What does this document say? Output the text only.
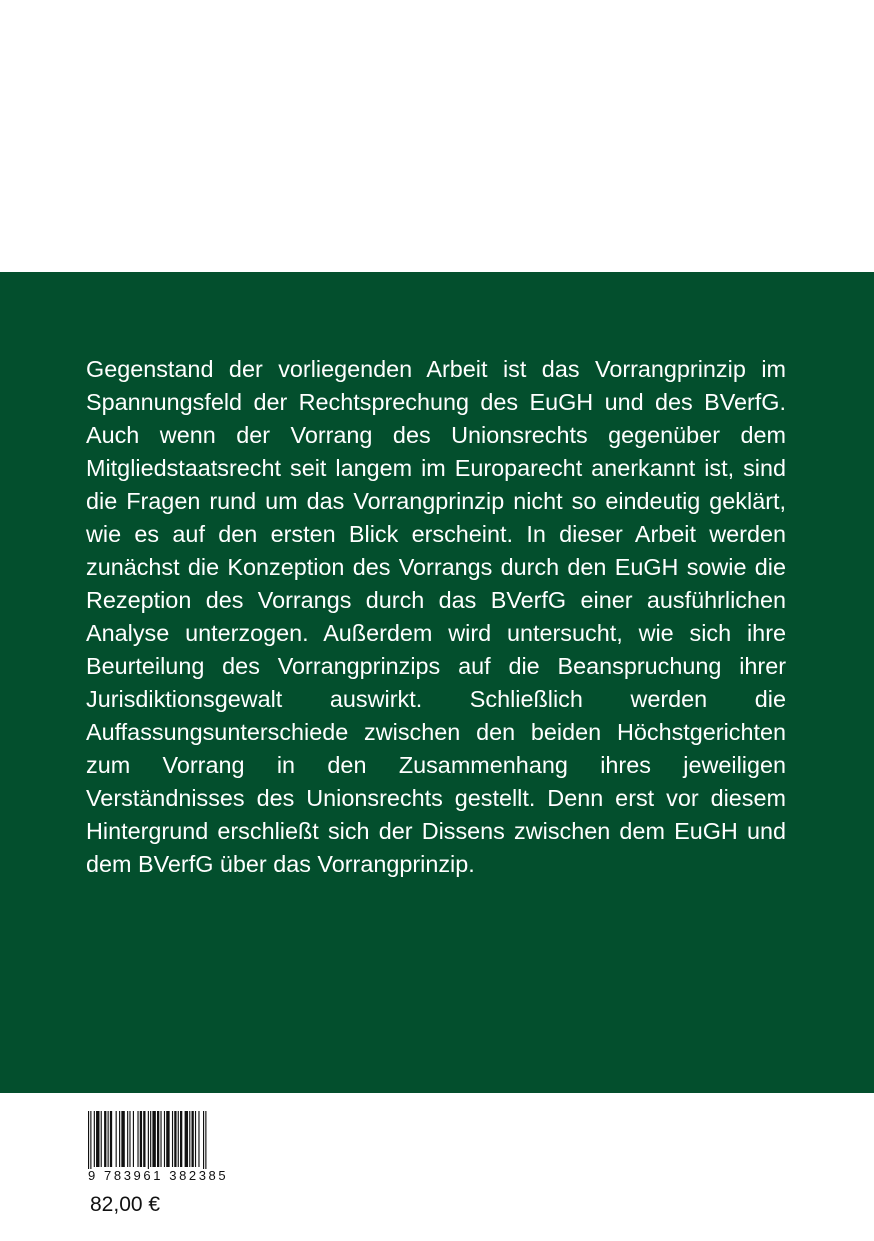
Gegenstand der vorliegenden Arbeit ist das Vorrangprinzip im Spannungsfeld der Rechtsprechung des EuGH und des BVerfG. Auch wenn der Vorrang des Unionsrechts gegenüber dem Mitgliedstaatsrecht seit langem im Europarecht anerkannt ist, sind die Fragen rund um das Vorrangprinzip nicht so eindeutig geklärt, wie es auf den ersten Blick erscheint. In dieser Arbeit werden zunächst die Konzeption des Vorrangs durch den EuGH sowie die Rezeption des Vorrangs durch das BVerfG einer ausführlichen Analyse unterzogen. Außerdem wird untersucht, wie sich ihre Beurteilung des Vorrangprinzips auf die Beanspruchung ihrer Jurisdiktionsgewalt auswirkt. Schließlich werden die Auffassungsunterschiede zwischen den beiden Höchstgerichten zum Vorrang in den Zusammenhang ihres jeweiligen Verständnisses des Unionsrechts gestellt. Denn erst vor diesem Hintergrund erschließt sich der Dissens zwischen dem EuGH und dem BVerfG über das Vorrangprinzip.

9 783961 382385
82,00 €
